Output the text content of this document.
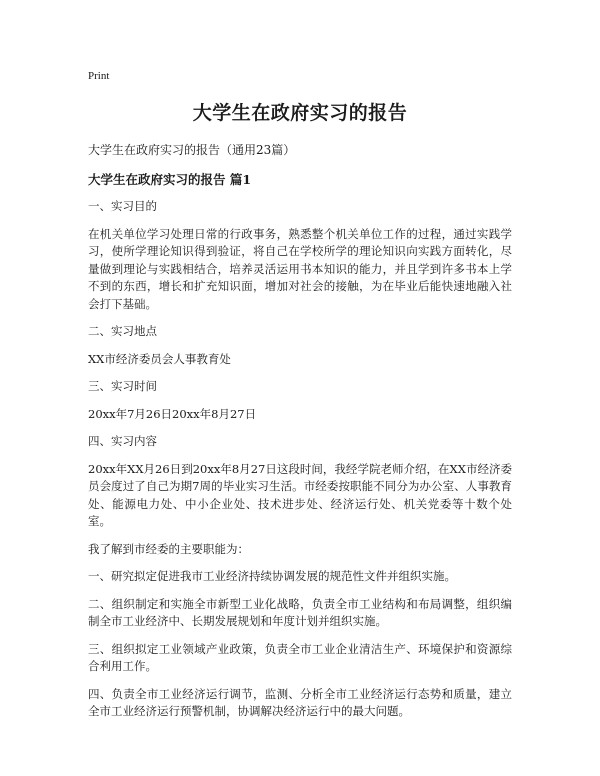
Print
大学生在政府实习的报告
大学生在政府实习的报告（通用23篇）
大学生在政府实习的报告 篇1

一、实习目的

在机关单位学习处理日常的行政事务，熟悉整个机关单位工作的过程，通过实践学习，使所学理论知识得到验证，将自己在学校所学的理论知识向实践方面转化，尽量做到理论与实践相结合，培养灵活运用书本知识的能力，并且学到许多书本上学不到的东西，增长和扩充知识面，增加对社会的接触，为在毕业后能快速地融入社会打下基础。

二、实习地点

XX市经济委员会人事教育处

三、实习时间

20xx年7月26日20xx年8月27日

四、实习内容

20xx年XX月26日到20xx年8月27日这段时间，我经学院老师介绍，在XX市经济委员会度过了自己为期7周的毕业实习生活。市经委按职能不同分为办公室、人事教育处、能源电力处、中小企业处、技术进步处、经济运行处、机关党委等十数个处室。

我了解到市经委的主要职能为：

一、研究拟定促进我市工业经济持续协调发展的规范性文件并组织实施。

二、组织制定和实施全市新型工业化战略，负责全市工业结构和布局调整，组织编制全市工业经济中、长期发展规划和年度计划并组织实施。

三、组织拟定工业领域产业政策，负责全市工业企业清洁生产、环境保护和资源综合利用工作。

四、负责全市工业经济运行调节，监测、分析全市工业经济运行态势和质量，建立全市工业经济运行预警机制，协调解决经济运行中的最大问题。
